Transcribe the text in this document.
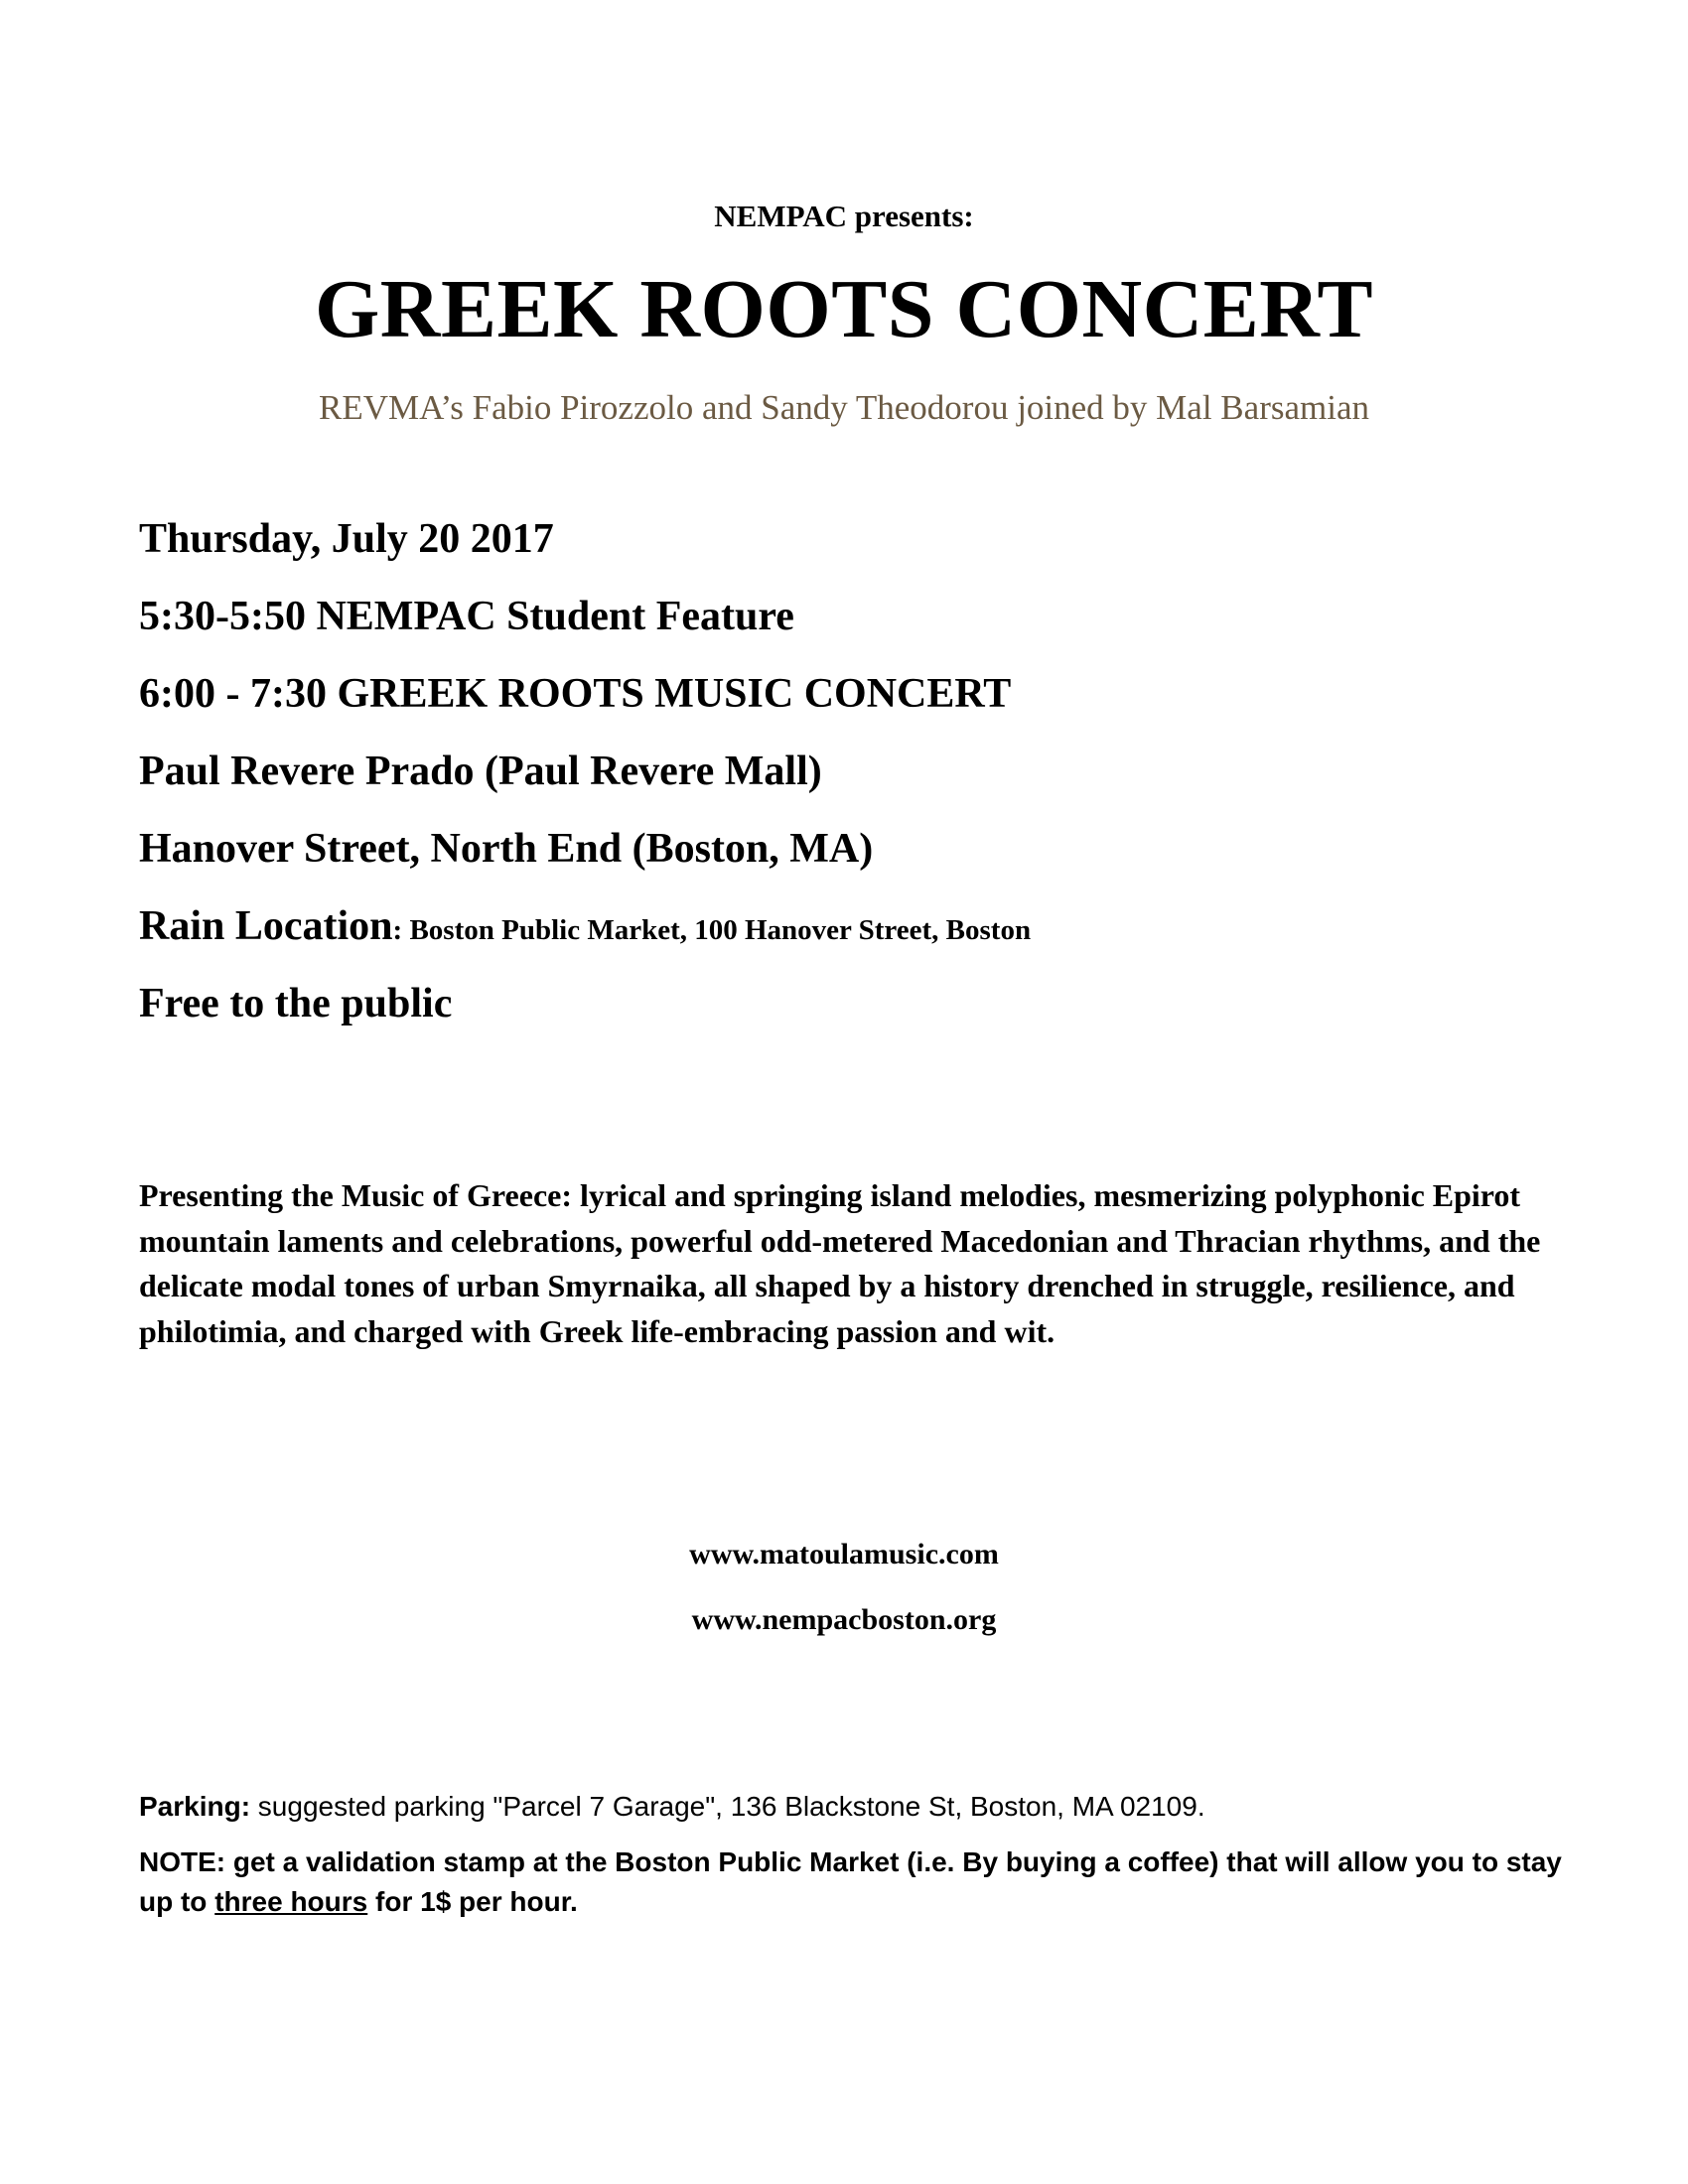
NEMPAC presents:
GREEK ROOTS CONCERT
REVMA’s Fabio Pirozzolo and Sandy Theodorou joined by Mal Barsamian
Thursday, July 20 2017
5:30-5:50 NEMPAC Student Feature
6:00 - 7:30 GREEK ROOTS MUSIC CONCERT
Paul Revere Prado (Paul Revere Mall)
Hanover Street, North End (Boston, MA)
Rain Location: Boston Public Market, 100 Hanover Street, Boston
Free to the public
Presenting the Music of Greece: lyrical and springing island melodies, mesmerizing polyphonic Epirot mountain laments and celebrations, powerful odd-metered Macedonian and Thracian rhythms, and the delicate modal tones of urban Smyrnaika, all shaped by a history drenched in struggle, resilience, and philotimia, and charged with Greek life-embracing passion and wit.
www.matoulamusic.com
www.nempacboston.org
Parking: suggested parking "Parcel 7 Garage", 136 Blackstone St, Boston, MA 02109.
NOTE: get a validation stamp at the Boston Public Market (i.e. By buying a coffee) that will allow you to stay up to three hours for 1$ per hour.
